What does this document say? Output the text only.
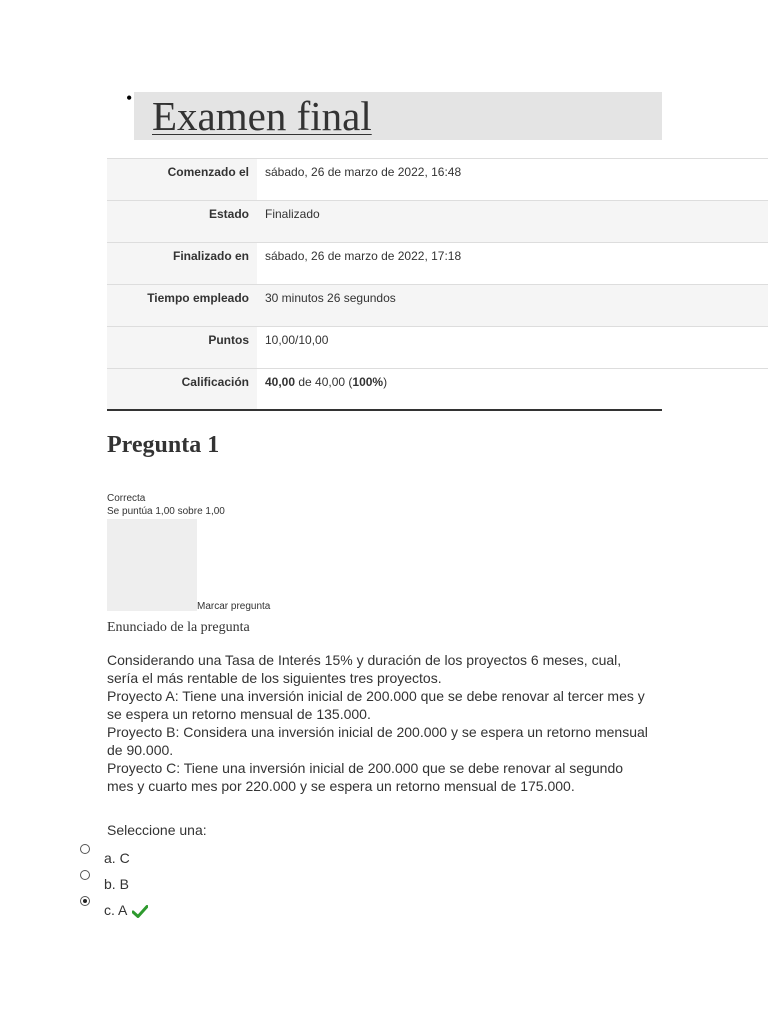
• Examen final
Comenzado el	sábado, 26 de marzo de 2022, 16:48
Estado	Finalizado
Finalizado en	sábado, 26 de marzo de 2022, 17:18
Tiempo empleado	30 minutos 26 segundos
Puntos	10,00/10,00
Calificación	40,00 de 40,00 (100%)
Pregunta 1
Correcta
Se puntúa 1,00 sobre 1,00
Marcar pregunta
Enunciado de la pregunta

Considerando una Tasa de Interés 15% y duración de los proyectos 6 meses, cual, sería el más rentable de los siguientes tres proyectos.

Proyecto A: Tiene una inversión inicial de 200.000 que se debe renovar al tercer mes y se espera un retorno mensual de 135.000.

Proyecto B: Considera una inversión inicial de 200.000 y se espera un retorno mensual de 90.000.

Proyecto C: Tiene una inversión inicial de 200.000 que se debe renovar al segundo mes y cuarto mes por 220.000 y se espera un retorno mensual de 175.000.

Seleccione una:
a. C
b. B
c. A
